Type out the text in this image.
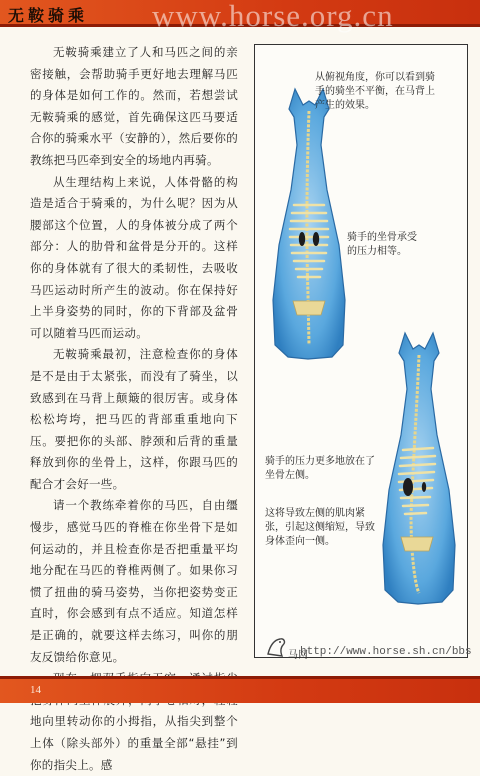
www.horse.org.cn
无鞍骑乘

无鞍骑乘建立了人和马匹之间的亲密接触，会帮助骑手更好地去理解马匹的身体是如何工作的。然而，若想尝试无鞍骑乘的感觉，首先确保这匹马要适合你的骑乘水平（安静的），然后要你的教练把马匹牵到安全的场地内再骑。

从生理结构上来说，人体骨骼的构造是适合于骑乘的，为什么呢？因为从腰部这个位置，人的身体被分成了两个部分：人的肋骨和盆骨是分开的。这样你的身体就有了很大的柔韧性，去吸收马匹运动时所产生的波动。你在保持好上半身姿势的同时，你的下背部及盆骨可以随着马匹而运动。

无鞍骑乘最初，注意检查你的身体是不是由于太紧张，而没有了骑坐，以致感到在马背上颠簸的很厉害。或身体松松垮垮，把马匹的背部重重地向下压。要把你的头部、脖颈和后背的重量释放到你的坐骨上，这样，你跟马匹的配合才会好一些。

请一个教练牵着你的马匹，自由缰慢步，感觉马匹的脊椎在你坐骨下是如何运动的，并且检查你是否把重量平均地分配在马匹的脊椎两侧了。如果你习惯了扭曲的骑马姿势，当你把姿势变正直时，你会感到有点不适应。知道怎样是正确的，就要这样去练习，叫你的朋友反馈给你意见。

地向里转动你的小拇指，从指尖到整个上体（除头部外）的重量全部“悬挂”到你的指尖上。感

从俯视角度，你可以看到骑手的骑坐不平衡，在马背上产生的效果。

骑手的坐骨承受的压力相等。

骑手的压力更多地放在了坐骨左侧。

这将导致左侧的肌肉紧张，引起这侧缩短，导致身体歪向一侧。

马网
http://www.horse.sh.cn/bbs
14
